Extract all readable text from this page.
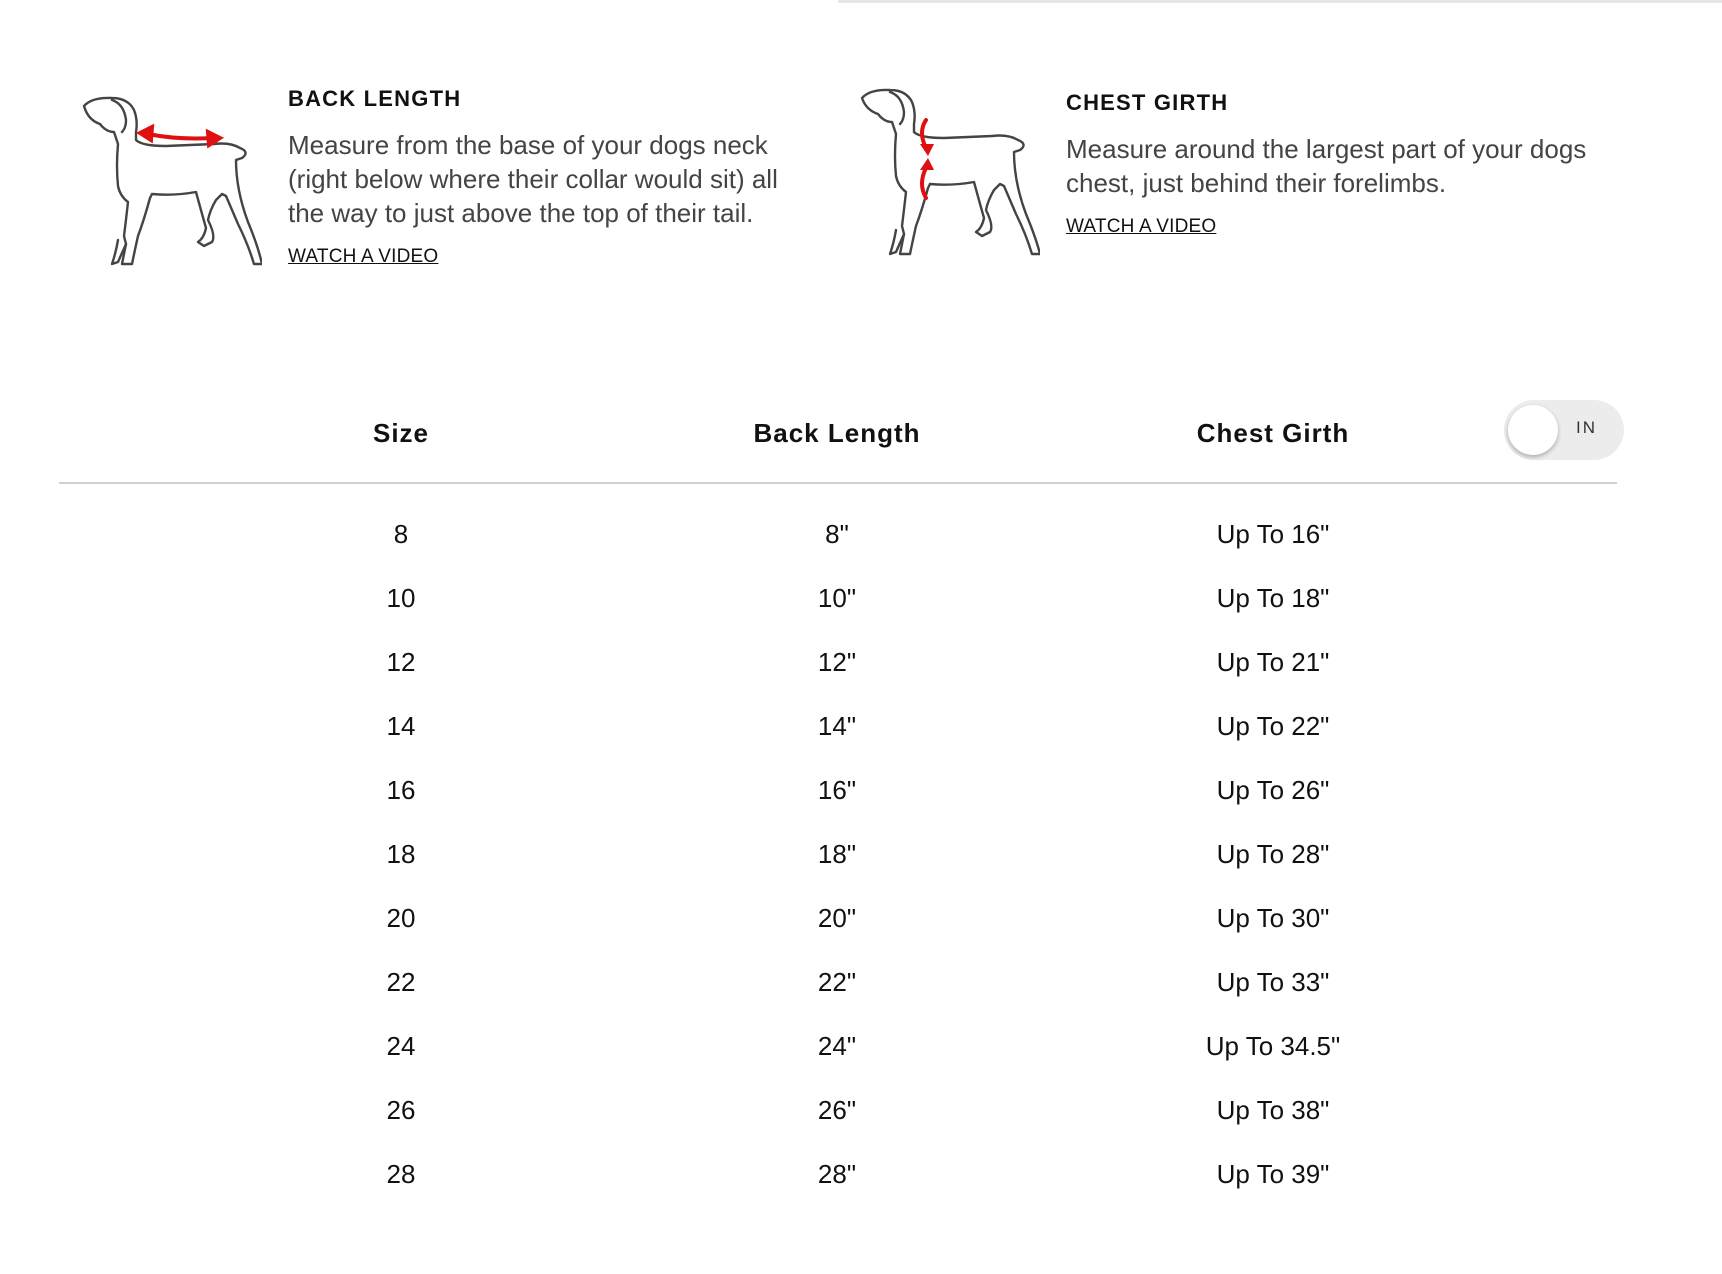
BACK LENGTH

Measure from the base of your dogs neck (right below where their collar would sit) all the way to just above the top of their tail.

WATCH A VIDEO
CHEST GIRTH

Measure around the largest part of your dogs chest, just behind their forelimbs.

WATCH A VIDEO
Size	Back Length	Chest Girth	IN
8	8"	Up To 16"
10	10"	Up To 18"
12	12"	Up To 21"
14	14"	Up To 22"
16	16"	Up To 26"
18	18"	Up To 28"
20	20"	Up To 30"
22	22"	Up To 33"
24	24"	Up To 34.5"
26	26"	Up To 38"
28	28"	Up To 39"
